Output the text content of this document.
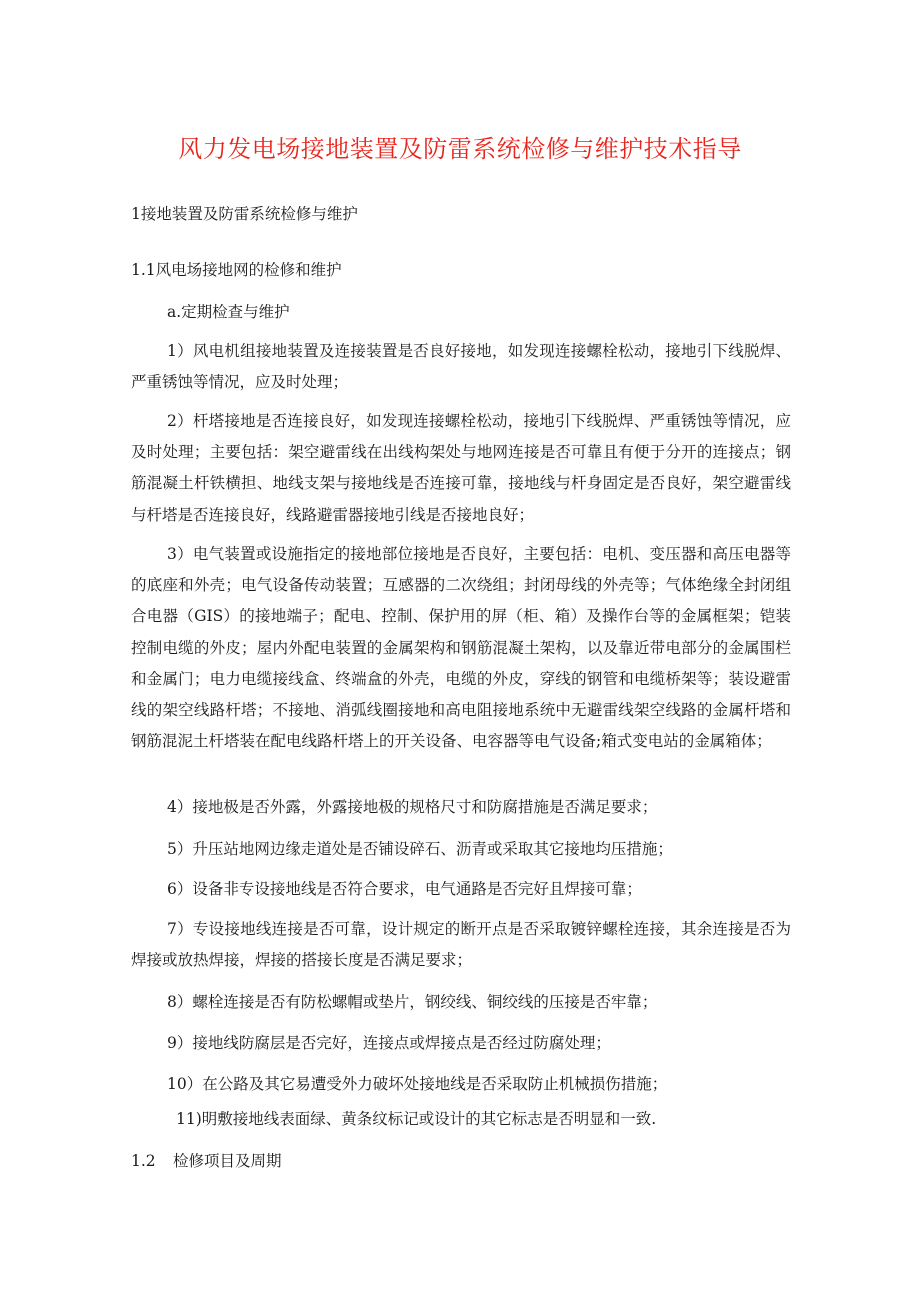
风力发电场接地装置及防雷系统检修与维护技术指导

1接地装置及防雷系统检修与维护

1.1风电场接地网的检修和维护

a.定期检查与维护

1）风电机组接地装置及连接装置是否良好接地，如发现连接螺栓松动，接地引下线脱焊、严重锈蚀等情况，应及时处理；

2）杆塔接地是否连接良好，如发现连接螺栓松动，接地引下线脱焊、严重锈蚀等情况，应及时处理；主要包括：架空避雷线在出线构架处与地网连接是否可靠且有便于分开的连接点；钢筋混凝土杆铁横担、地线支架与接地线是否连接可靠，接地线与杆身固定是否良好，架空避雷线与杆塔是否连接良好，线路避雷器接地引线是否接地良好；

3）电气装置或设施指定的接地部位接地是否良好，主要包括：电机、变压器和高压电器等的底座和外壳；电气设备传动装置；互感器的二次绕组；封闭母线的外壳等；气体绝缘全封闭组合电器（GIS）的接地端子；配电、控制、保护用的屏（柜、箱）及操作台等的金属框架；铠装控制电缆的外皮；屋内外配电装置的金属架构和钢筋混凝土架构，以及靠近带电部分的金属围栏和金属门；电力电缆接线盒、终端盒的外壳，电缆的外皮，穿线的钢管和电缆桥架等；装设避雷线的架空线路杆塔；不接地、消弧线圈接地和高电阻接地系统中无避雷线架空线路的金属杆塔和钢筋混泥土杆塔装在配电线路杆塔上的开关设备、电容器等电气设备;箱式变电站的金属箱体；

4）接地极是否外露，外露接地极的规格尺寸和防腐措施是否满足要求；

5）升压站地网边缘走道处是否铺设碎石、沥青或采取其它接地均压措施；

6）设备非专设接地线是否符合要求，电气通路是否完好且焊接可靠；

7）专设接地线连接是否可靠，设计规定的断开点是否采取镀锌螺栓连接，其余连接是否为焊接或放热焊接，焊接的搭接长度是否满足要求；

8）螺栓连接是否有防松螺帽或垫片，钢绞线、铜绞线的压接是否牢靠；

9）接地线防腐层是否完好，连接点或焊接点是否经过防腐处理；

10）在公路及其它易遭受外力破坏处接地线是否采取防止机械损伤措施；

11)明敷接地线表面绿、黄条纹标记或设计的其它标志是否明显和一致.

1.2 检修项目及周期
